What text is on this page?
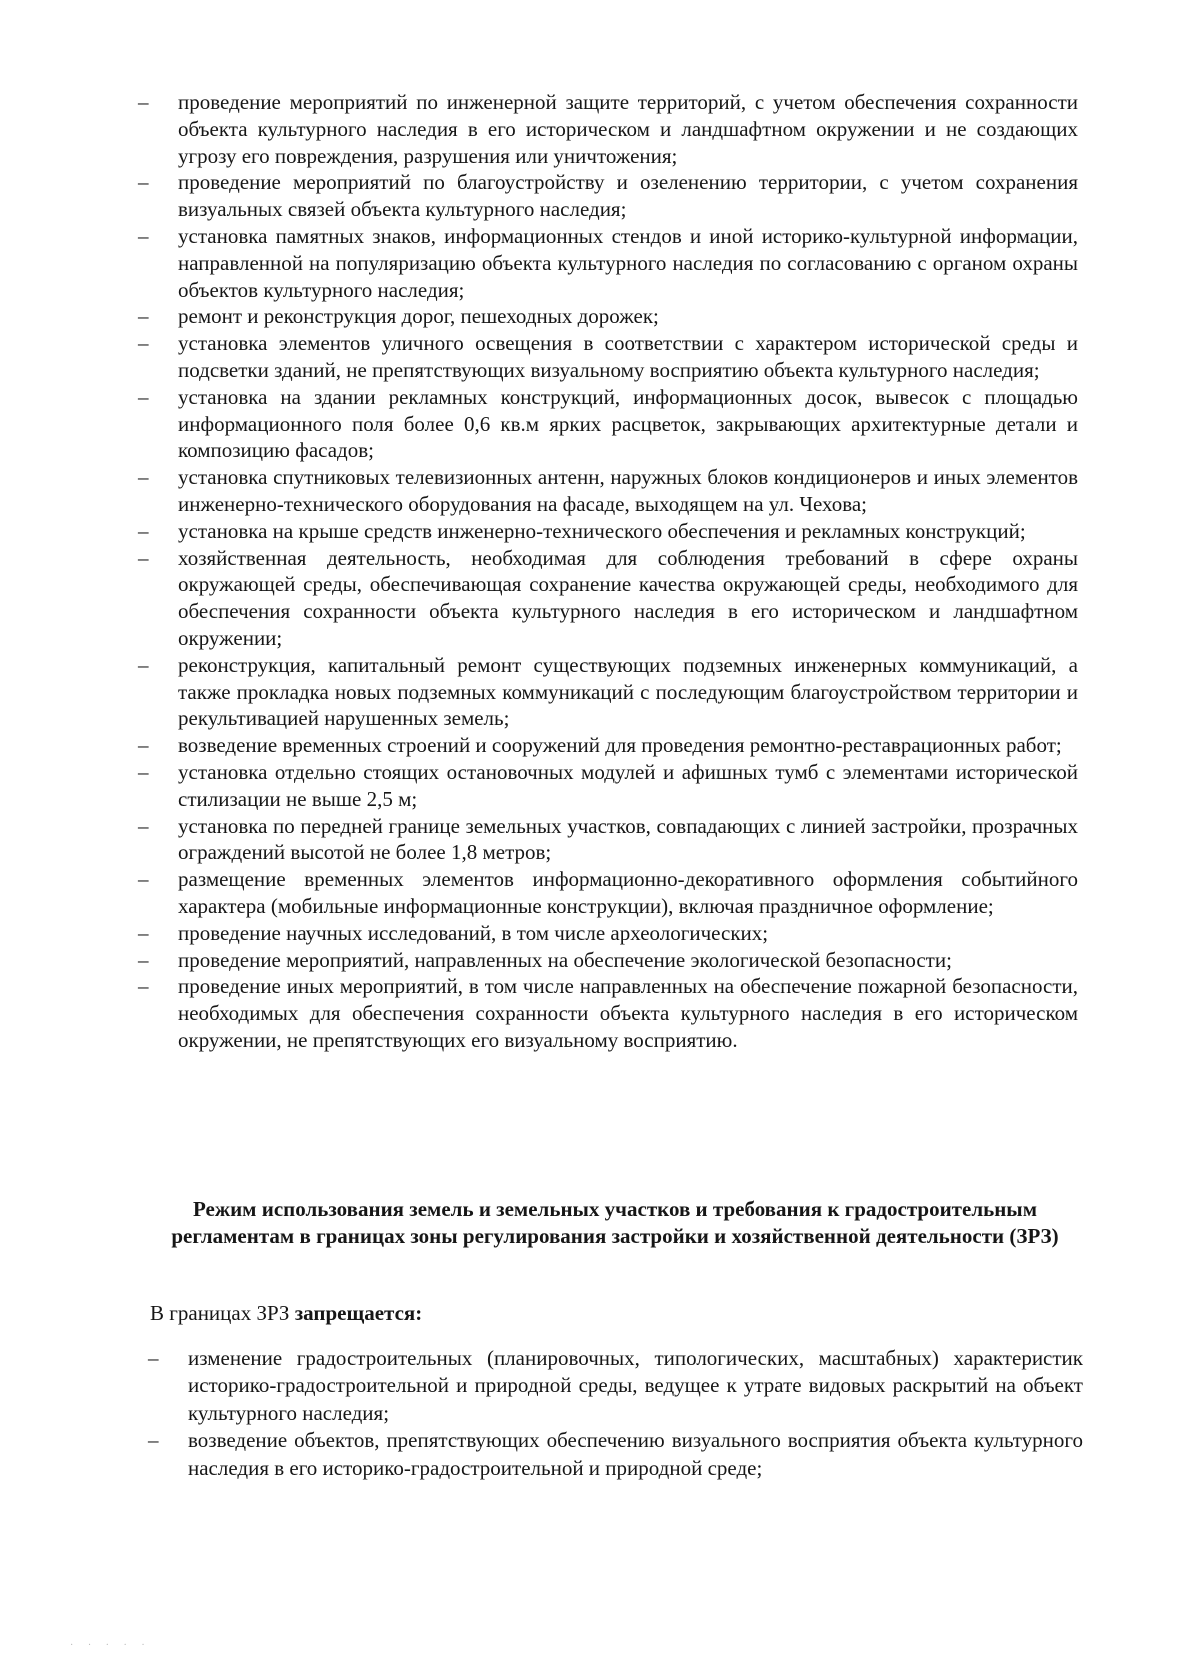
– проведение мероприятий по инженерной защите территорий, с учетом обеспечения сохранности объекта культурного наследия в его историческом и ландшафтном окружении и не создающих угрозу его повреждения, разрушения или уничтожения;
– проведение мероприятий по благоустройству и озеленению территории, с учетом сохранения визуальных связей объекта культурного наследия;
– установка памятных знаков, информационных стендов и иной историко-культурной информации, направленной на популяризацию объекта культурного наследия по согласованию с органом охраны объектов культурного наследия;
– ремонт и реконструкция дорог, пешеходных дорожек;
– установка элементов уличного освещения в соответствии с характером исторической среды и подсветки зданий, не препятствующих визуальному восприятию объекта культурного наследия;
– установка на здании рекламных конструкций, информационных досок, вывесок с площадью информационного поля более 0,6 кв.м ярких расцветок, закрывающих архитектурные детали и композицию фасадов;
– установка спутниковых телевизионных антенн, наружных блоков кондиционеров и иных элементов инженерно-технического оборудования на фасаде, выходящем на ул. Чехова;
– установка на крыше средств инженерно-технического обеспечения и рекламных конструкций;
– хозяйственная деятельность, необходимая для соблюдения требований в сфере охраны окружающей среды, обеспечивающая сохранение качества окружающей среды, необходимого для обеспечения сохранности объекта культурного наследия в его историческом и ландшафтном окружении;
– реконструкция, капитальный ремонт существующих подземных инженерных коммуникаций, а также прокладка новых подземных коммуникаций с последующим благоустройством территории и рекультивацией нарушенных земель;
– возведение временных строений и сооружений для проведения ремонтно-реставрационных работ;
– установка отдельно стоящих остановочных модулей и афишных тумб с элементами исторической стилизации не выше 2,5 м;
– установка по передней границе земельных участков, совпадающих с линией застройки, прозрачных ограждений высотой не более 1,8 метров;
– размещение временных элементов информационно-декоративного оформления событийного характера (мобильные информационные конструкции), включая праздничное оформление;
– проведение научных исследований, в том числе археологических;
– проведение мероприятий, направленных на обеспечение экологической безопасности;
– проведение иных мероприятий, в том числе направленных на обеспечение пожарной безопасности, необходимых для обеспечения сохранности объекта культурного наследия в его историческом окружении, не препятствующих его визуальному восприятию.
Режим использования земель и земельных участков и требования к градостроительным регламентам в границах зоны регулирования застройки и хозяйственной деятельности (ЗРЗ)
В границах ЗРЗ запрещается:
– изменение градостроительных (планировочных, типологических, масштабных) характеристик историко-градостроительной и природной среды, ведущее к утрате видовых раскрытий на объект культурного наследия;
– возведение объектов, препятствующих обеспечению визуального восприятия объекта культурного наследия в его историко-градостроительной и природной среде;
· · · · ·
